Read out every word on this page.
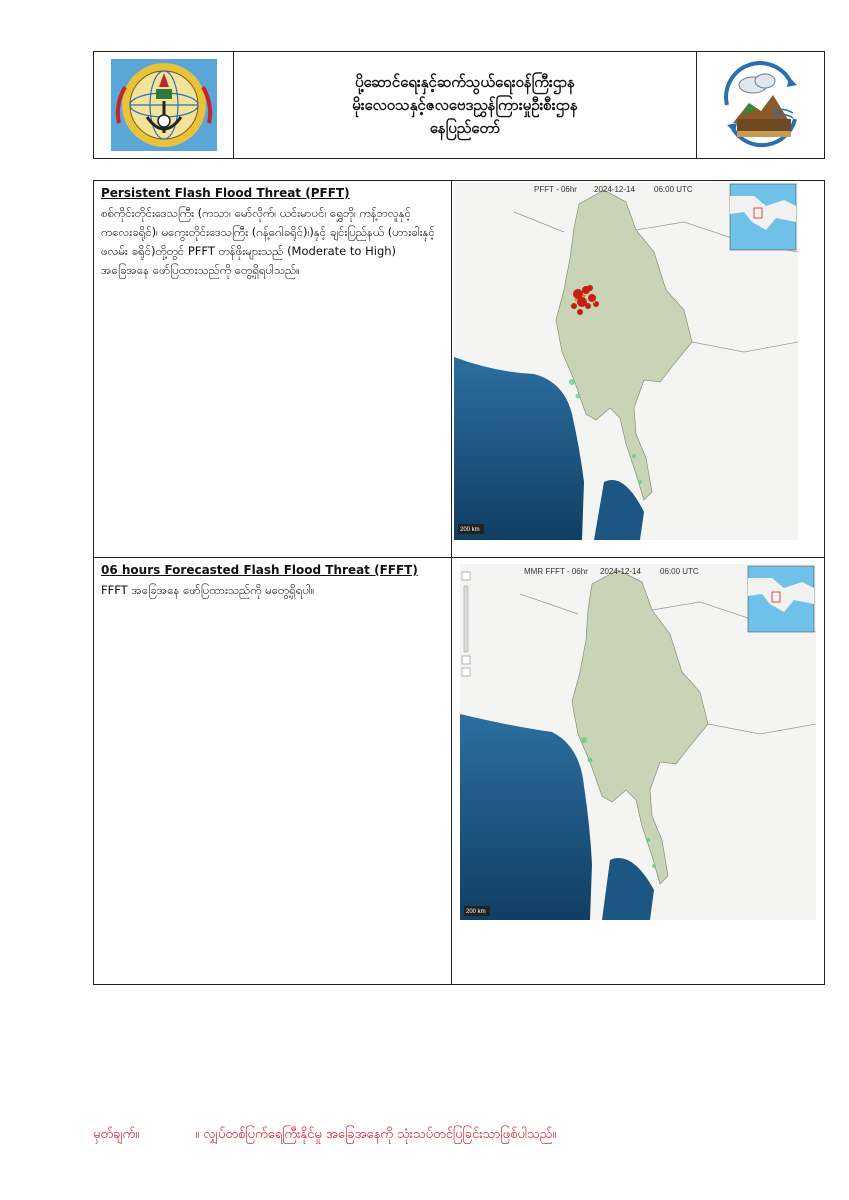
ပို့ဆောင်ရေးနှင့်ဆက်သွယ်ရေးဝန်ကြီးဌာန
မိုးလေဝသနှင့်ဇလဗေဒညွှန်ကြားမှုဦးစီးဌာန
နေပြည်တော်
Persistent Flash Flood Threat (PFFT)
စစ်ကိုင်းတိုင်းဒေသကြီး (ကသာ၊ မော်လိုက်၊ ယင်းမာပင်၊ ရွှေဘို၊ ကန့်ဘလူနှင့် ကလေးခရိုင်)၊ မကွေးတိုင်းဒေသကြီး (ဂန့်ဂေါခရိုင်)၊)နှင့် ချင်းပြည်နယ် (ဟားခါးနှင့် ဖလမ်း ခရိုင်)တို့တွင် PFFT တန်ဖိုးများသည် (Moderate to High) အခြေအနေ ဖော်ပြထားသည်ကို တွေ့ရှိရပါသည်။
PFFT - 06hr 2024-12-14 06:00 UTC
200 km
06 hours Forecasted Flash Flood Threat (FFFT)
FFFT အခြေအနေ ဖော်ပြထားသည်ကို မတွေ့ရှိရပါ။
MMR FFFT - 06hr 2024-12-14 06:00 UTC
200 km
မှတ်ချက်။	။ လျှပ်တစ်ပြက်ရေကြီးနိုင်မှု အခြေအနေကို သုံးသပ်တင်ပြခြင်းသာဖြစ်ပါသည်။
